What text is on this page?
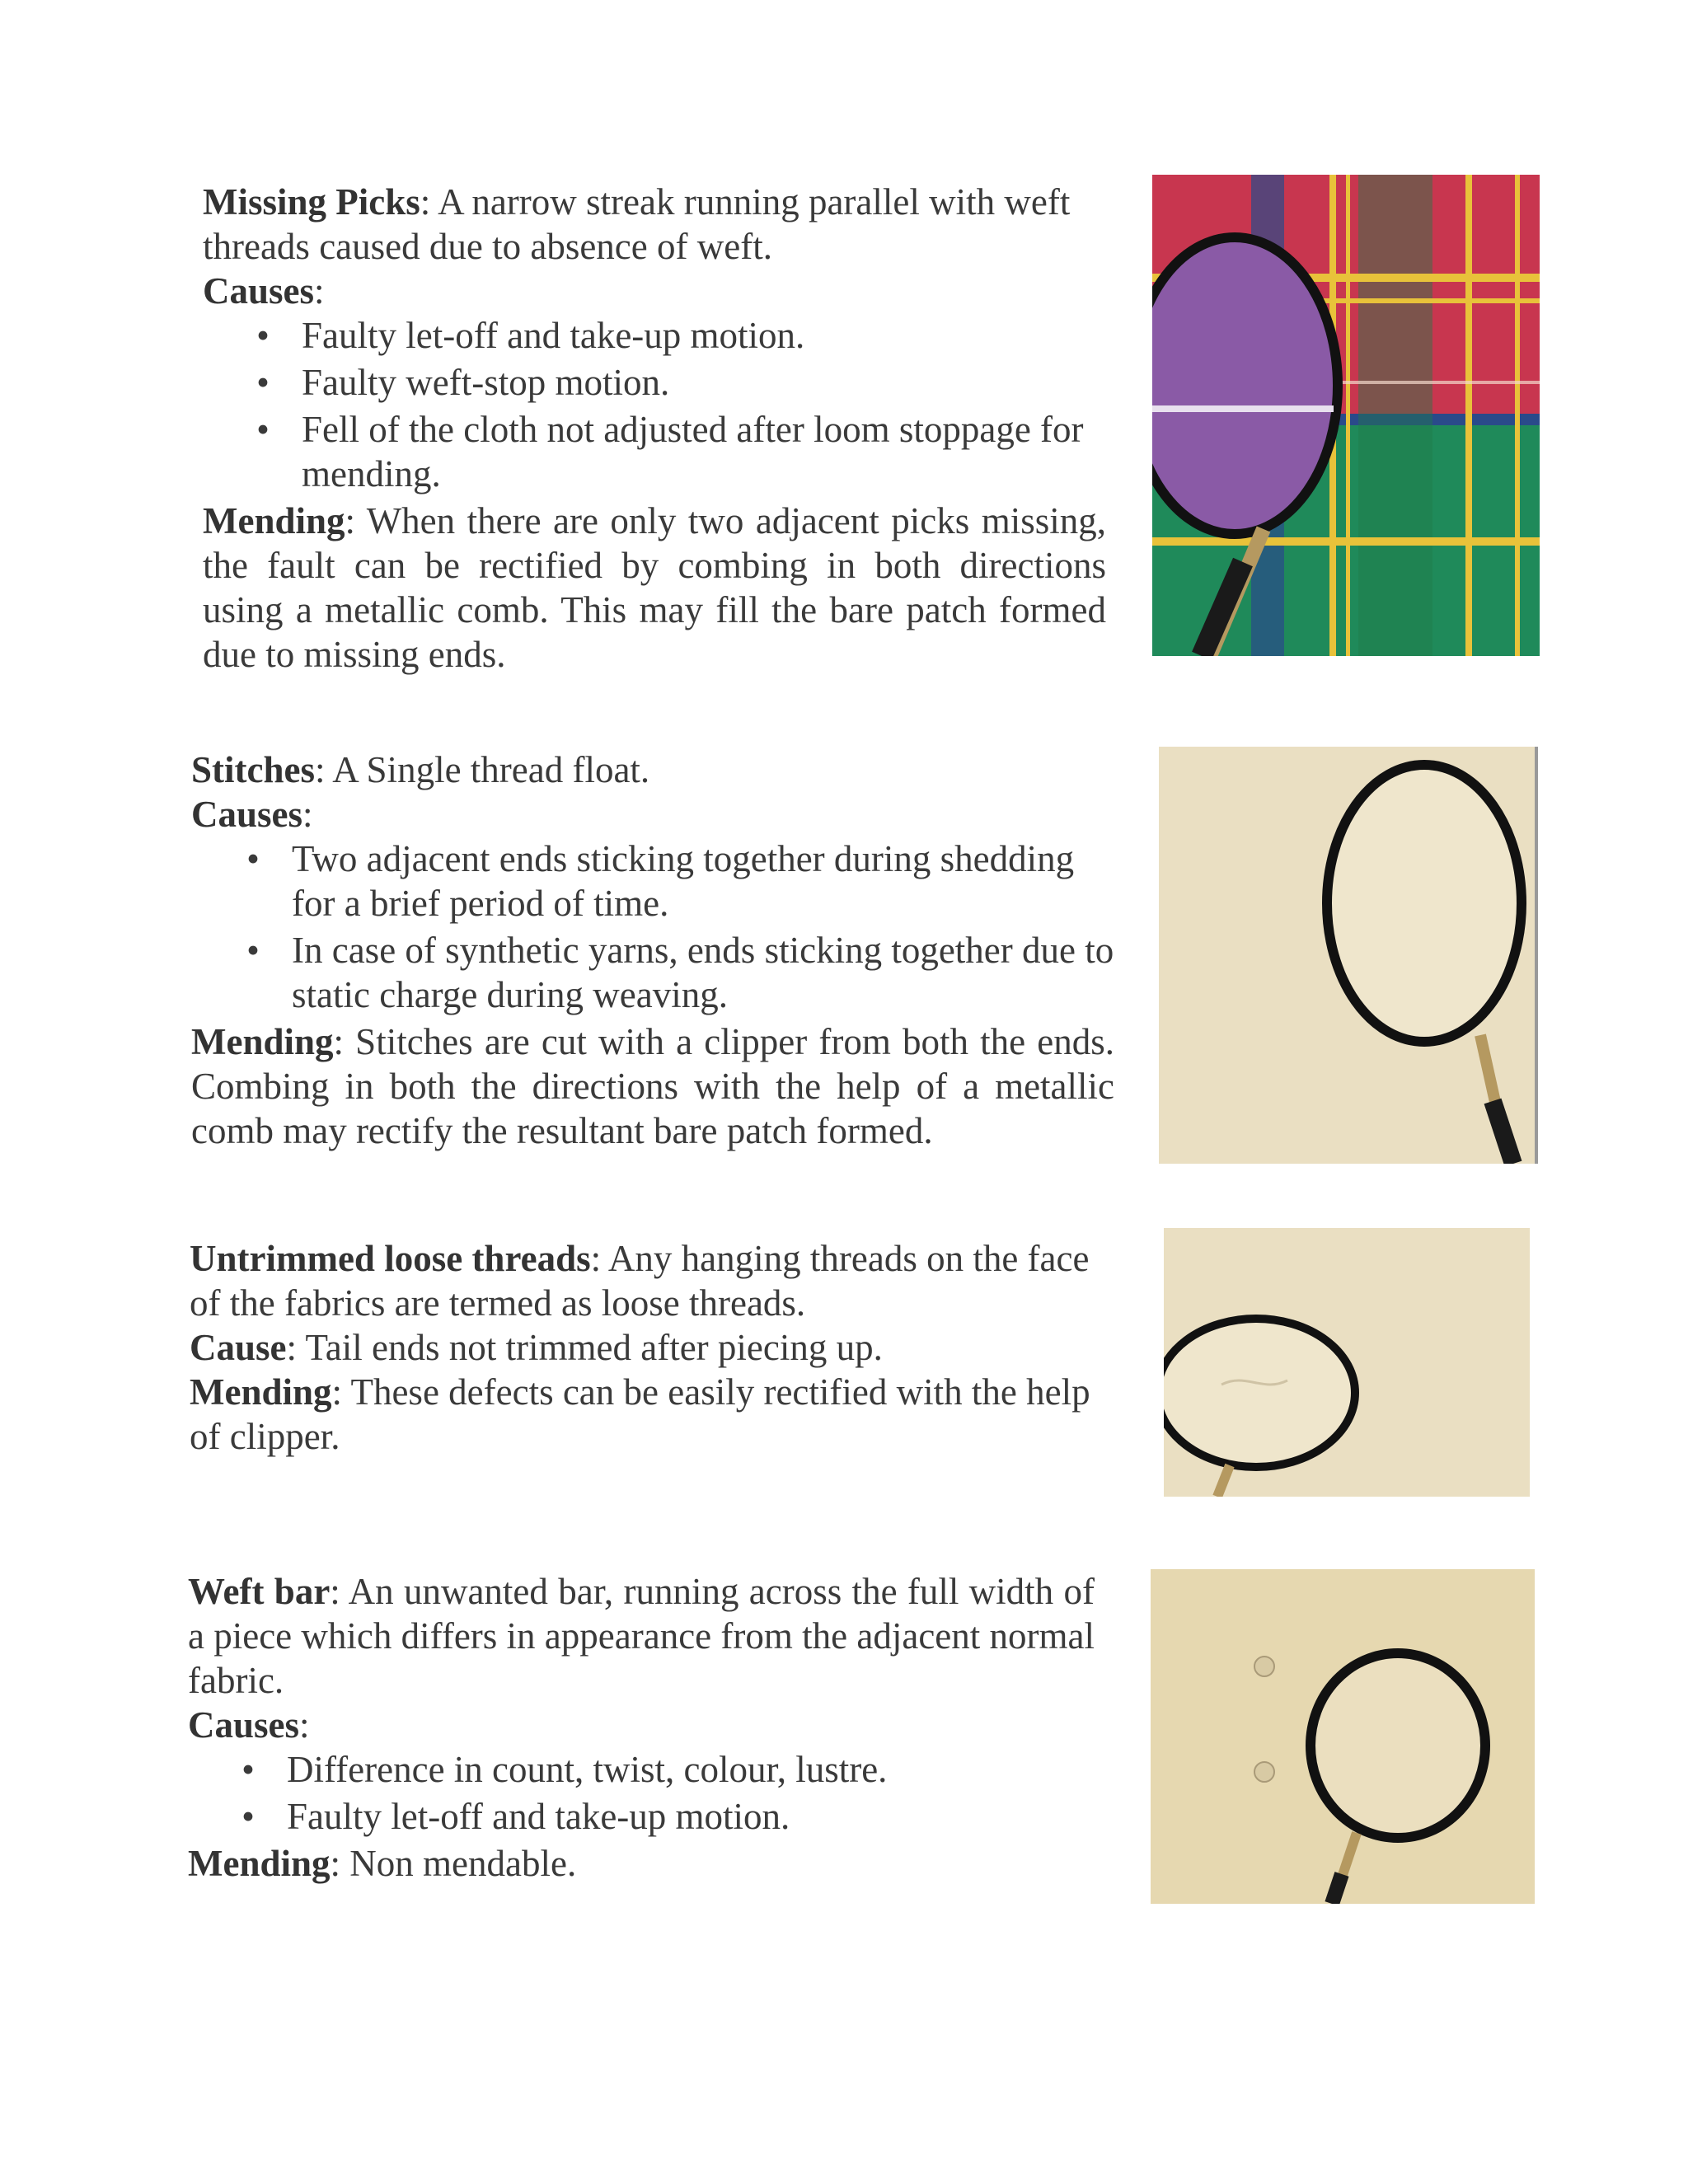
Missing Picks: A narrow streak running parallel with weft threads caused due to absence of weft.

Causes:

• Faulty let-off and take-up motion.
• Faulty weft-stop motion.
• Fell of the cloth not adjusted after loom stoppage for mending.

Mending: When there are only two adjacent picks missing, the fault can be rectified by combing in both directions using a metallic comb. This may fill the bare patch formed due to missing ends.

Stitches: A Single thread float.

Causes:

• Two adjacent ends sticking together during shedding for a brief period of time.
• In case of synthetic yarns, ends sticking together due to static charge during weaving.

Mending: Stitches are cut with a clipper from both the ends. Combing in both the directions with the help of a metallic comb may rectify the resultant bare patch formed.

Untrimmed loose threads: Any hanging threads on the face of the fabrics are termed as loose threads.

Cause: Tail ends not trimmed after piecing up.

Mending: These defects can be easily rectified with the help of clipper.

Weft bar: An unwanted bar, running across the full width of a piece which differs in appearance from the adjacent normal fabric.

Causes:

• Difference in count, twist, colour, lustre.
• Faulty let-off and take-up motion.

Mending: Non mendable.
